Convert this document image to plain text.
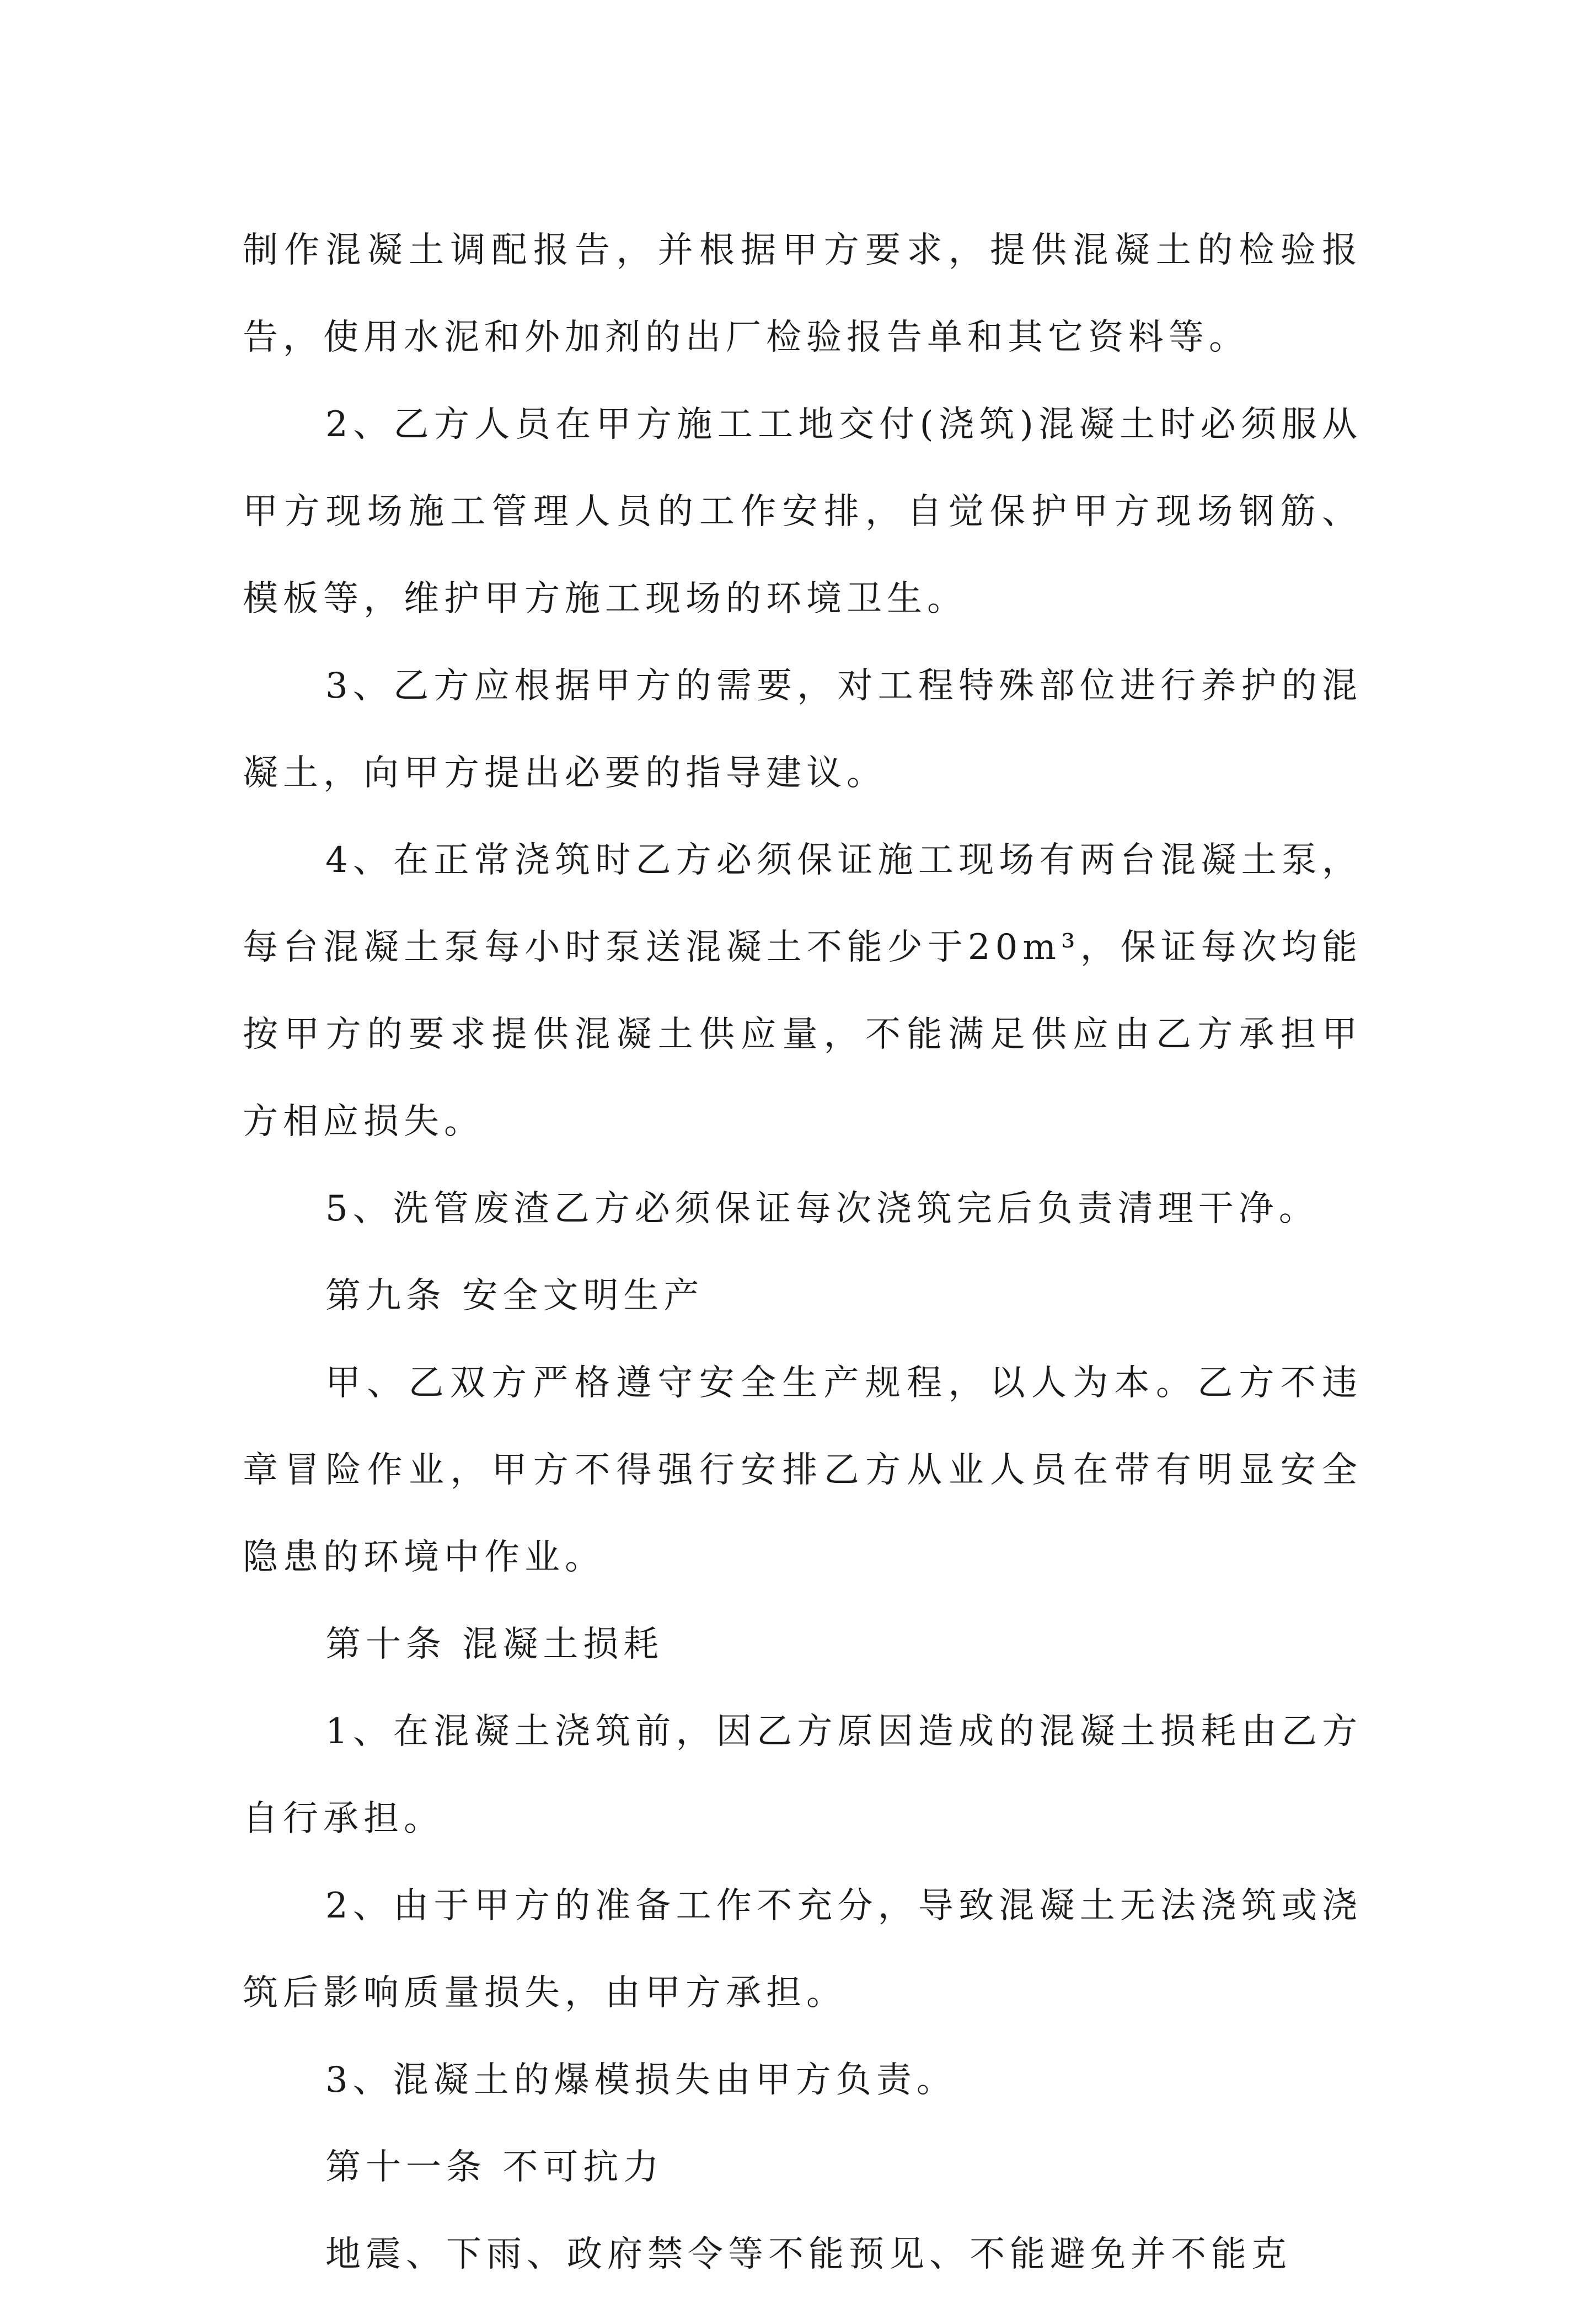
制作混凝土调配报告，并根据甲方要求，提供混凝土的检验报告，使用水泥和外加剂的出厂检验报告单和其它资料等。

2、乙方人员在甲方施工工地交付(浇筑)混凝土时必须服从甲方现场施工管理人员的工作安排，自觉保护甲方现场钢筋、模板等，维护甲方施工现场的环境卫生。

3、乙方应根据甲方的需要，对工程特殊部位进行养护的混凝土，向甲方提出必要的指导建议。

4、在正常浇筑时乙方必须保证施工现场有两台混凝土泵，每台混凝土泵每小时泵送混凝土不能少于20m³，保证每次均能按甲方的要求提供混凝土供应量，不能满足供应由乙方承担甲方相应损失。

5、洗管废渣乙方必须保证每次浇筑完后负责清理干净。

第九条 安全文明生产

甲、乙双方严格遵守安全生产规程，以人为本。乙方不违章冒险作业，甲方不得强行安排乙方从业人员在带有明显安全隐患的环境中作业。

第十条 混凝土损耗

1、在混凝土浇筑前，因乙方原因造成的混凝土损耗由乙方自行承担。

2、由于甲方的准备工作不充分，导致混凝土无法浇筑或浇筑后影响质量损失，由甲方承担。

3、混凝土的爆模损失由甲方负责。

第十一条 不可抗力

地震、下雨、政府禁令等不能预见、不能避免并不能克
